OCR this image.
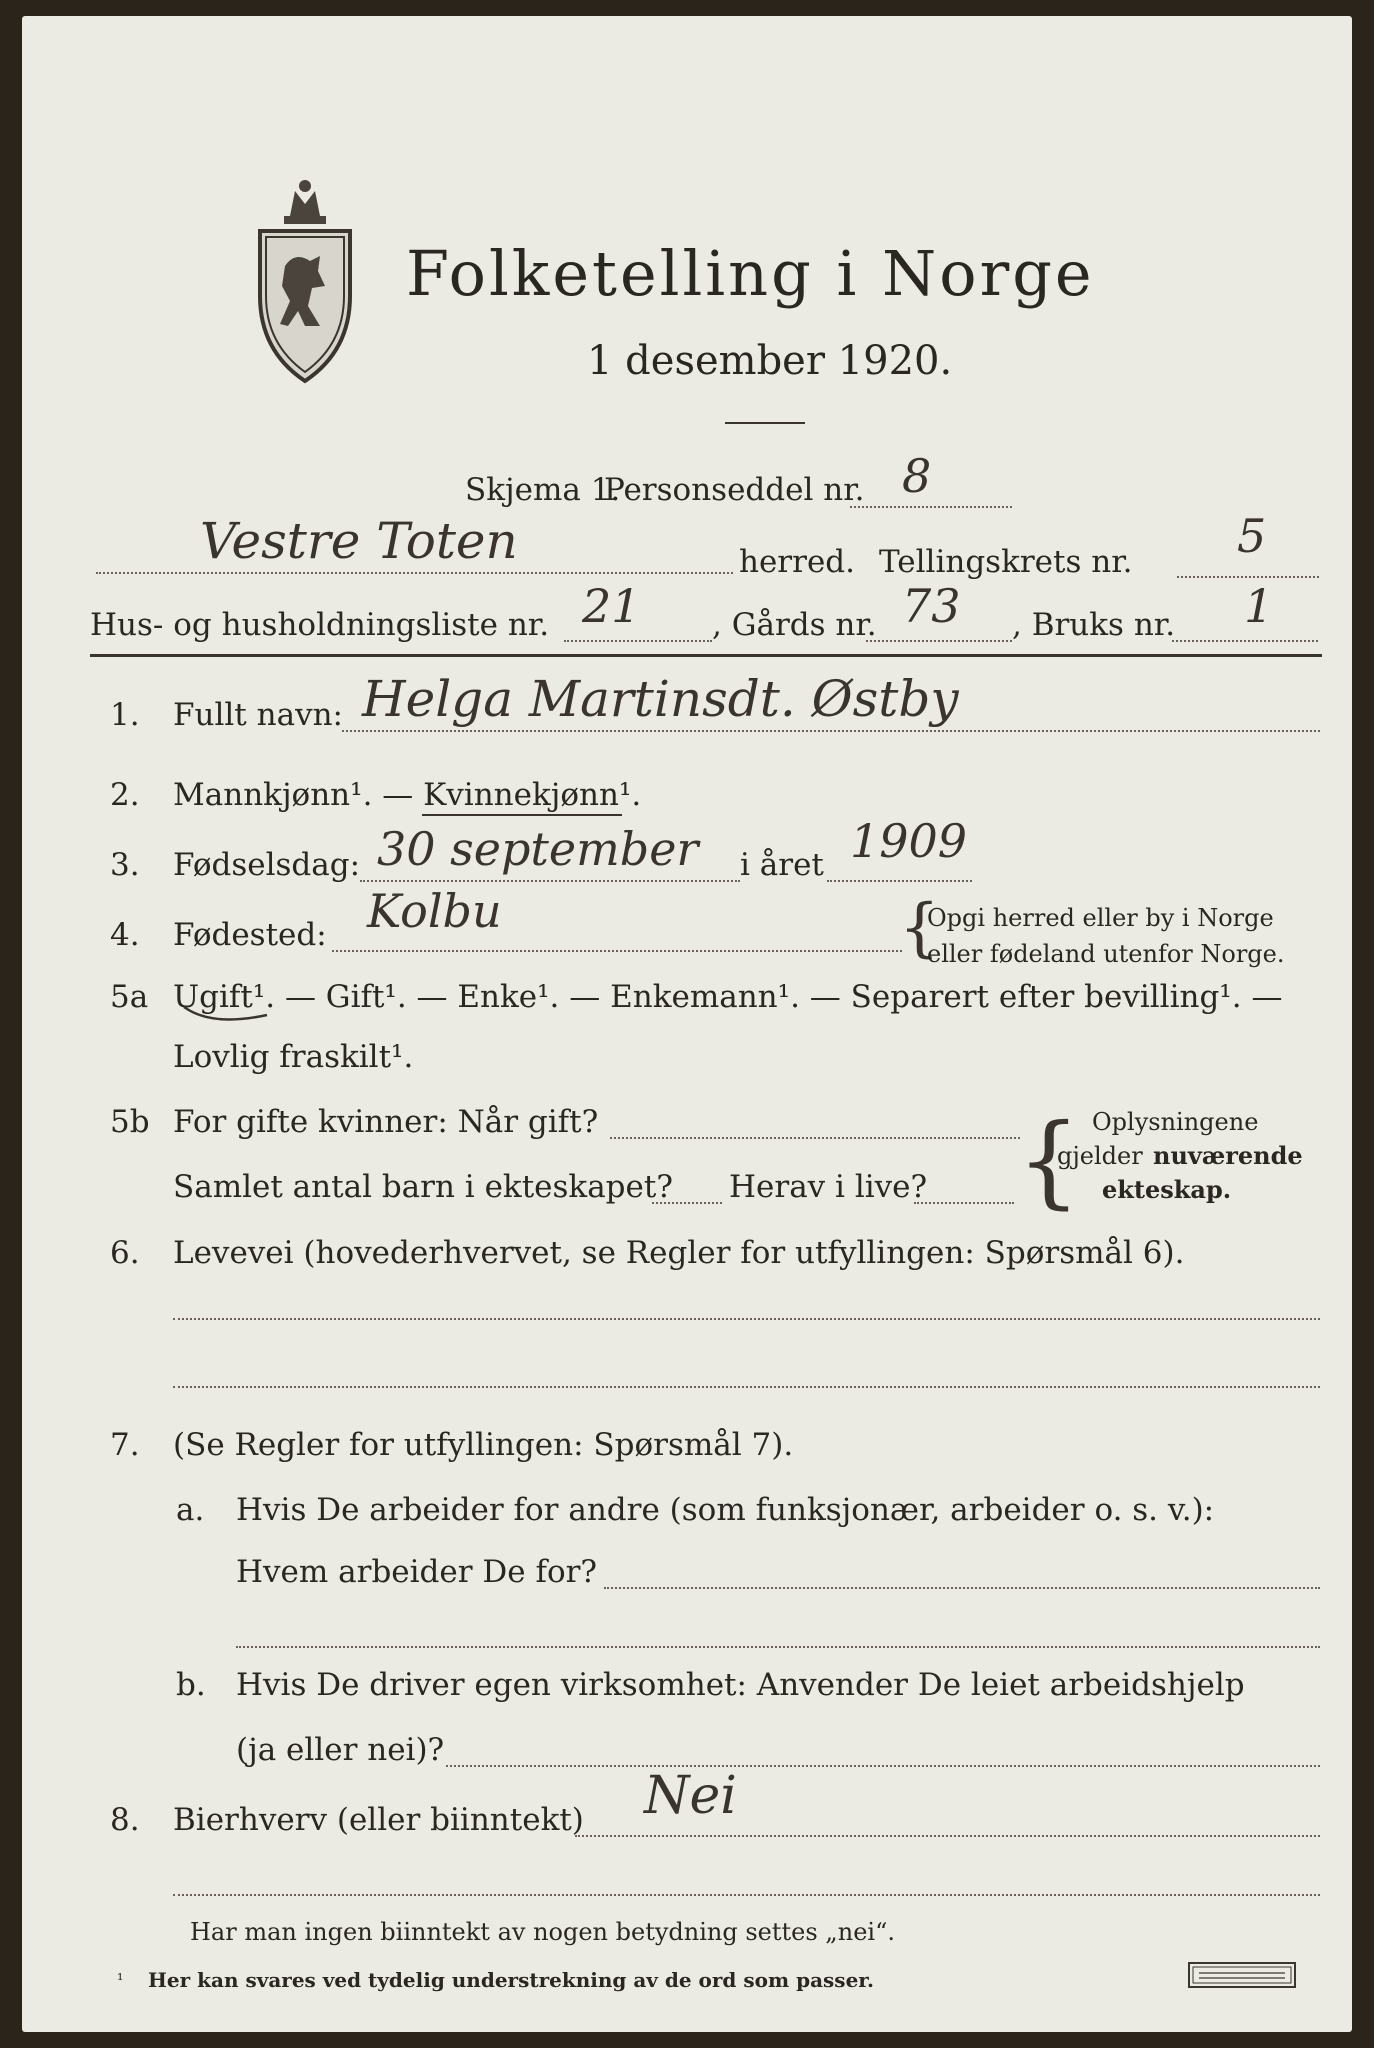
Folketelling i Norge
1 desember 1920.
Skjema 1.
Personseddel nr. 8
Vestre Toten	herred. Tellingskrets nr. 5
Hus- og husholdningsliste nr. 21 , Gårds nr. 73 , Bruks nr. 1
1. Fullt navn: Helga Martinsdt. Østby
2. Mannkjønn¹. — Kvinnekjønn¹.
3. Fødselsdag: 30 september i året 1909
4. Fødested: Kolbu	{
Opgi herred eller by i Norge
eller fødeland utenfor Norge.
5a Ugift¹. — Gift¹. — Enke¹. — Enkemann¹. — Separert efter bevilling¹. —
Lovlig fraskilt¹.
5b For gifte kvinner: Når gift?
Samlet antal barn i ekteskapet? Herav i live? { Oplysningene
gjelder nuværende
ekteskap.
6. Levevei (hovederhvervet, se Regler for utfyllingen: Spørsmål 6).
7. (Se Regler for utfyllingen: Spørsmål 7).
a. Hvis De arbeider for andre (som funksjonær, arbeider o. s. v.):
Hvem arbeider De for?
b. Hvis De driver egen virksomhet: Anvender De leiet arbeidshjelp
(ja eller nei)?
8. Bierhverv (eller biinntekt) Nei
Har man ingen biinntekt av nogen betydning settes „nei“.
¹ Her kan svares ved tydelig understrekning av de ord som passer.
